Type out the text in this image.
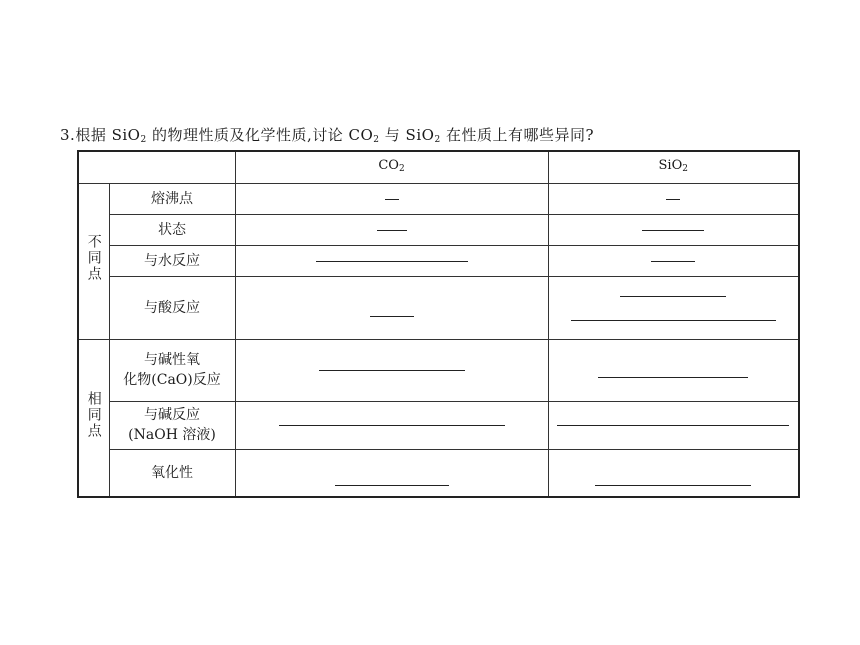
3.根据 SiO$_2$ 的物理性质及化学性质,讨论 $CO_2$ 与 SiO$_2$ 在性质上有哪些异同?
		$CO_2$	SiO$_2$
不同点	熔沸点		
	状态		
	与水反应		
	与酸反应		

相同点	与碱性氧
化物(CaO)反应		
	与碱反应
(NaOH 溶液)		
	氧化性		
